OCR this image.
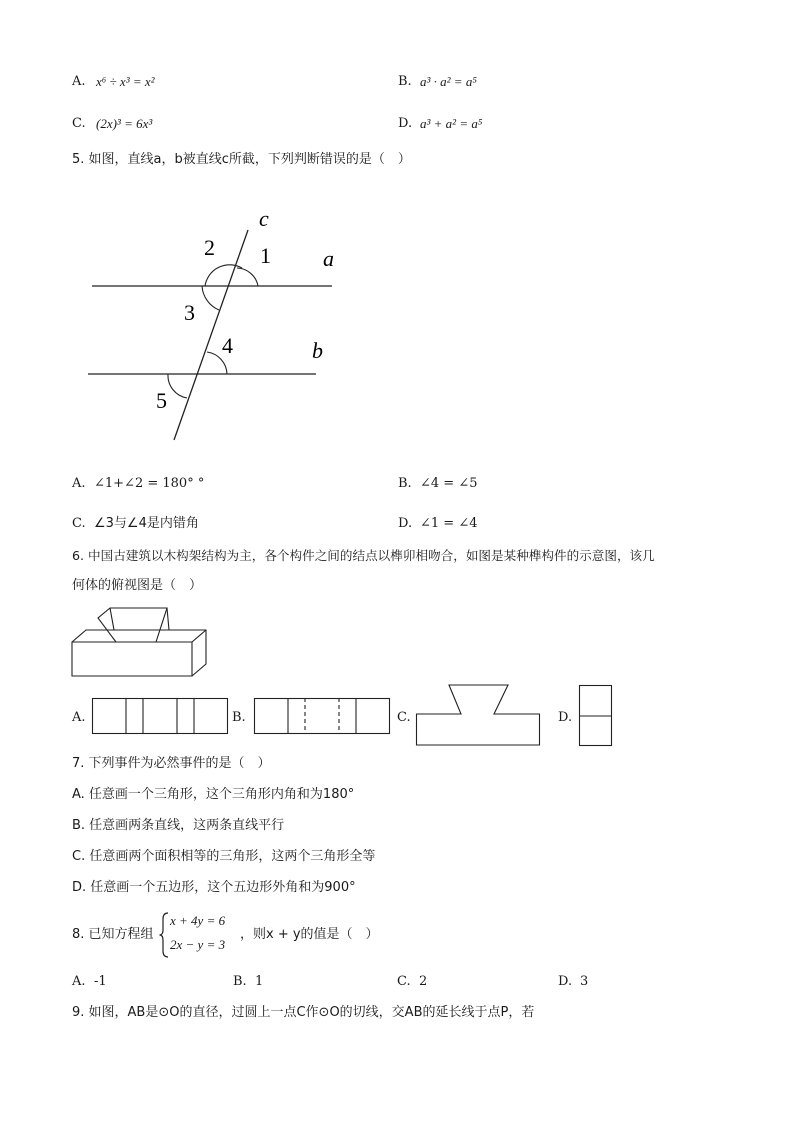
A. x⁶ ÷ x³ = x²	B. a³ · a² = a⁵
C. (2x)³ = 6x³	D. a³ + a² = a⁵
5. 如图，直线a，b被直线c所截，下列判断错误的是（　）
c
a
b
2 1
3
4
5
A. ∠1+∠2 = 180° °	B. ∠4 = ∠5
C. ∠3与∠4是内错角	D. ∠1 = ∠4
6. 中国古建筑以木构架结构为主，各个构件之间的结点以榫卯相吻合，如图是某种榫构件的示意图，该几
何体的俯视图是（　）
A.	B.	C.	D.
7. 下列事件为必然事件的是（　）
A. 任意画一个三角形，这个三角形内角和为180°
B. 任意画两条直线，这两条直线平行
C. 任意画两个面积相等的三角形，这两个三角形全等
D. 任意画一个五边形，这个五边形外角和为900°
8. 已知方程组
x + 4y = 6
2x − y = 3
，则x + y的值是（　）
A. -1	B. 1	C. 2	D. 3
9. 如图，AB是⊙O的直径，过圆上一点C作⊙O的切线，交AB的延长线于点P，若
